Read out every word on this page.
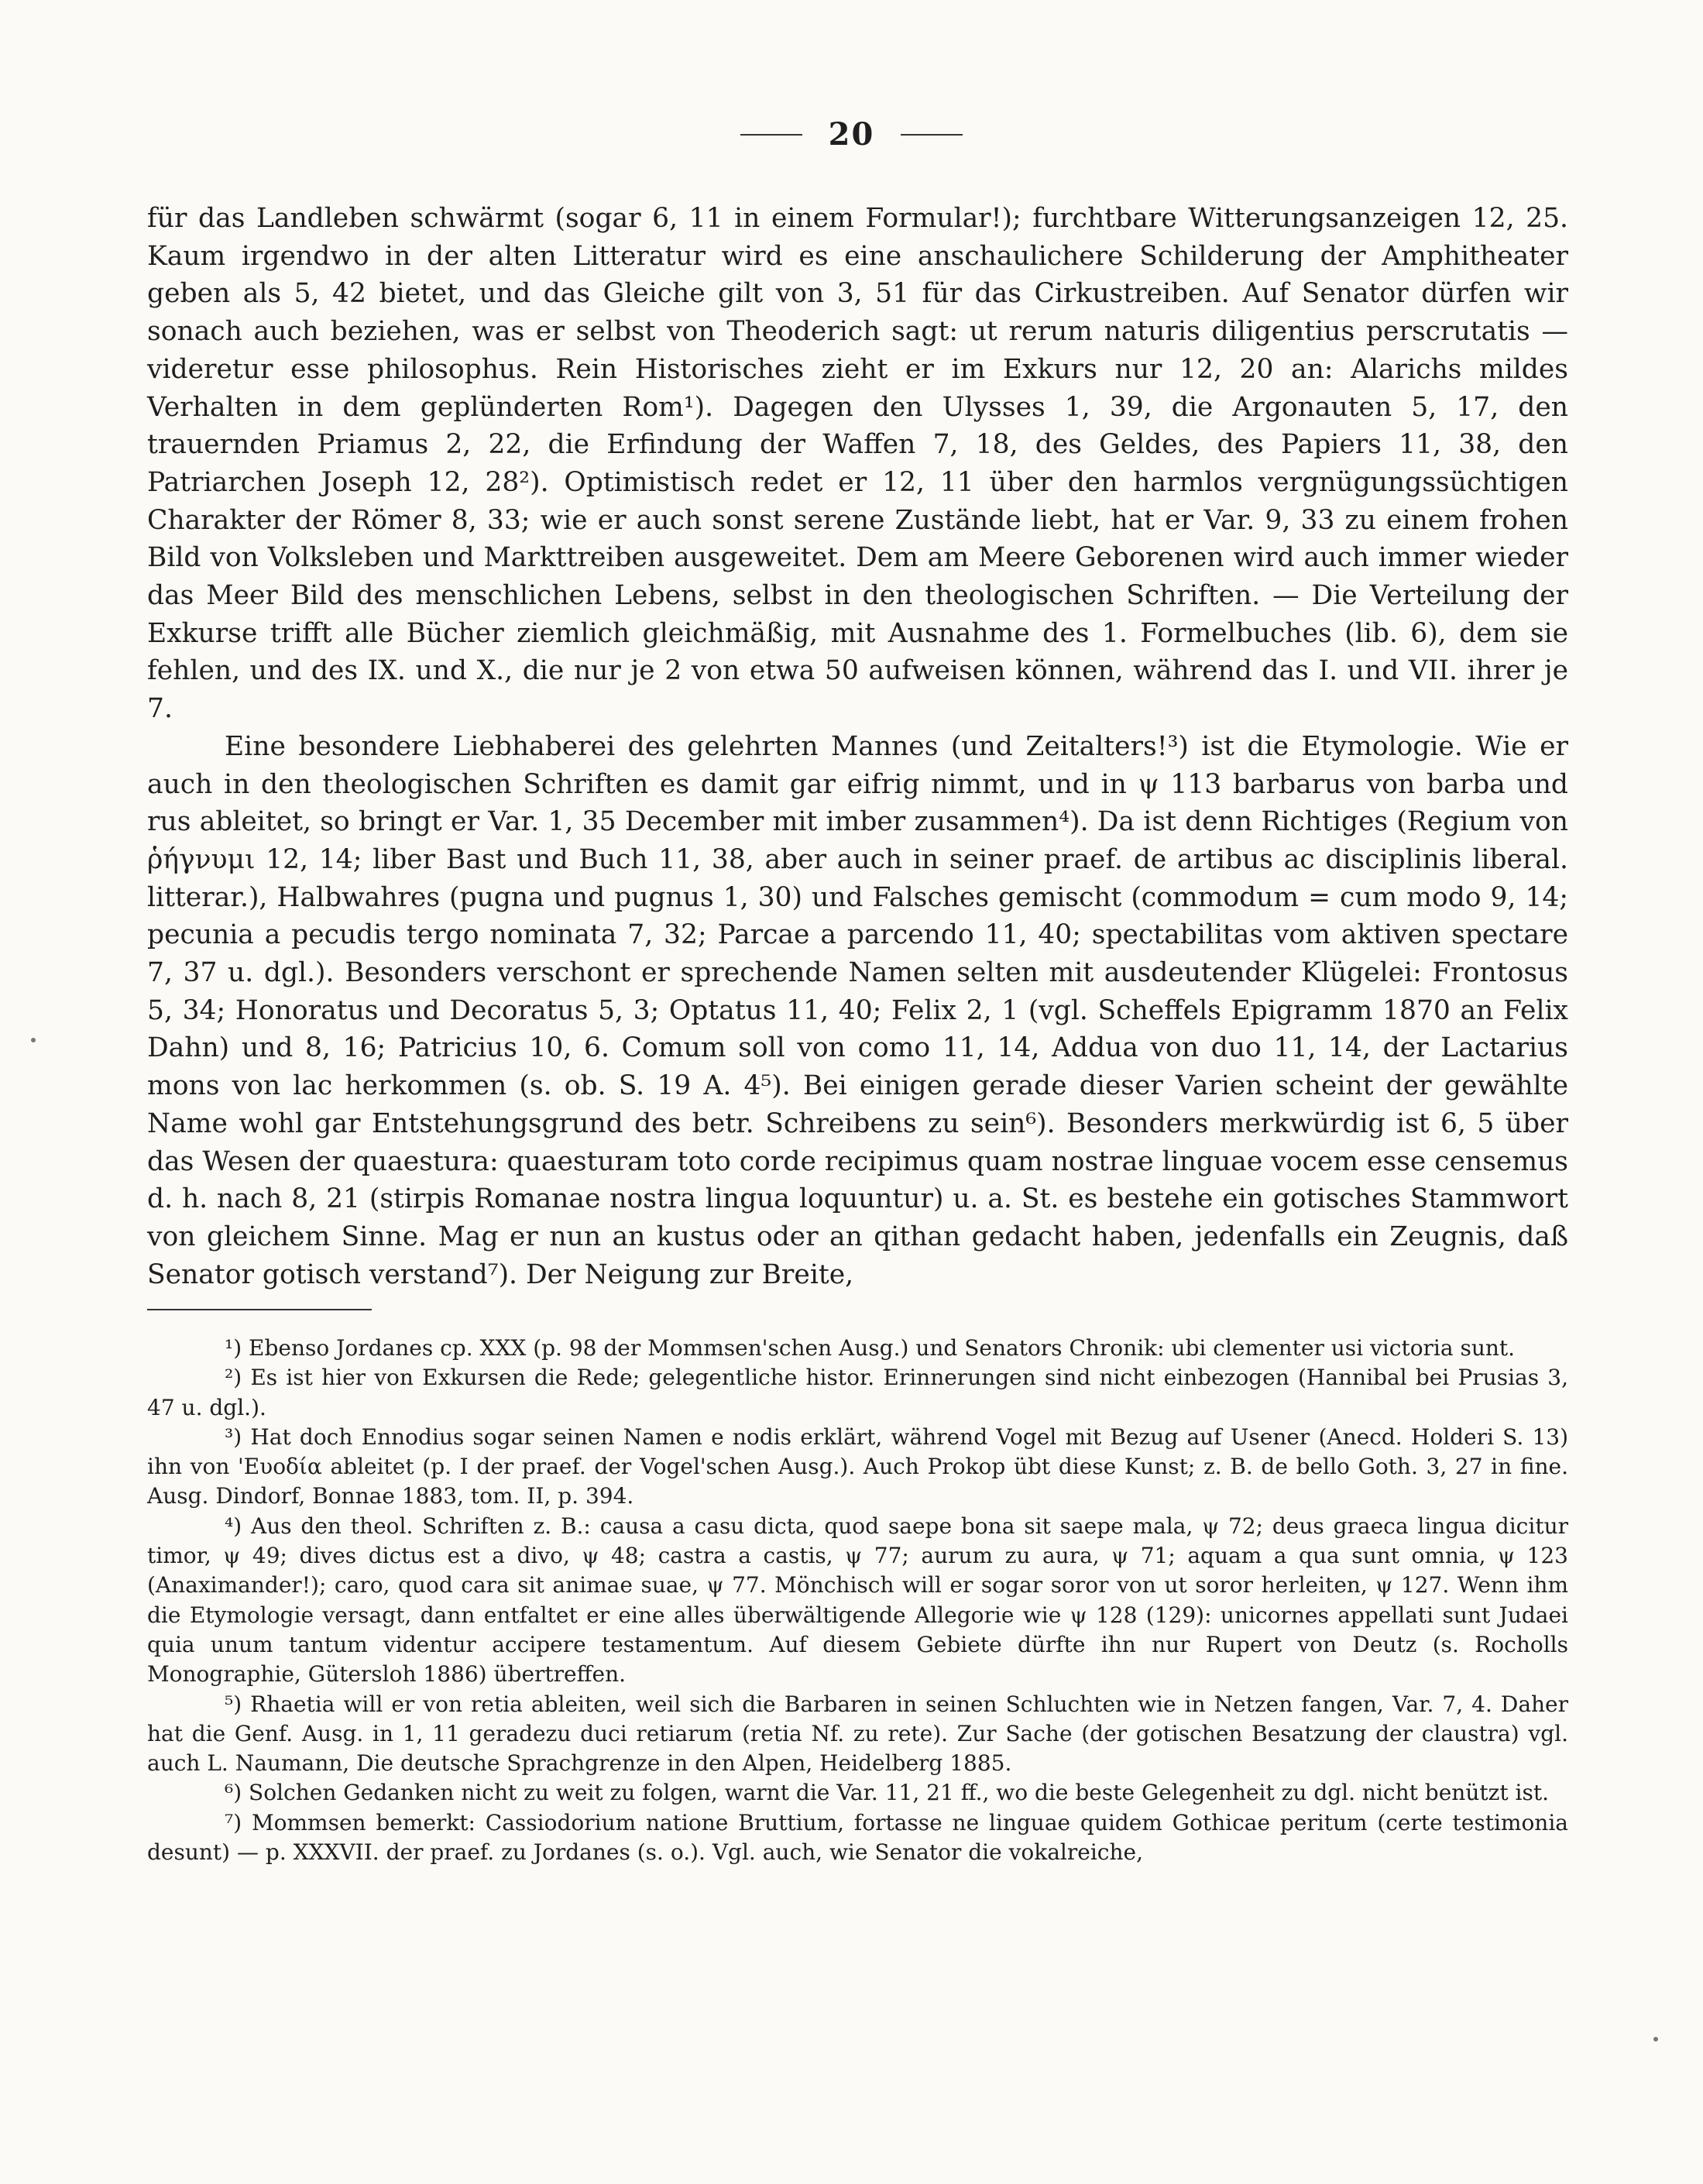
20

für das Landleben schwärmt (sogar 6, 11 in einem Formular!); furchtbare Witterungsanzeigen 12, 25. Kaum irgendwo in der alten Litteratur wird es eine anschaulichere Schilderung der Amphitheater geben als 5, 42 bietet, und das Gleiche gilt von 3, 51 für das Cirkustreiben. Auf Senator dürfen wir sonach auch beziehen, was er selbst von Theoderich sagt: ut rerum naturis diligentius perscrutatis — videretur esse philosophus. Rein Historisches zieht er im Exkurs nur 12, 20 an: Alarichs mildes Verhalten in dem geplünderten Rom¹). Dagegen den Ulysses 1, 39, die Argonauten 5, 17, den trauernden Priamus 2, 22, die Erfindung der Waffen 7, 18, des Geldes, des Papiers 11, 38, den Patriarchen Joseph 12, 28²). Optimistisch redet er 12, 11 über den harmlos vergnügungssüchtigen Charakter der Römer 8, 33; wie er auch sonst serene Zustände liebt, hat er Var. 9, 33 zu einem frohen Bild von Volksleben und Markttreiben ausgeweitet. Dem am Meere Geborenen wird auch immer wieder das Meer Bild des menschlichen Lebens, selbst in den theologischen Schriften. — Die Verteilung der Exkurse trifft alle Bücher ziemlich gleichmäßig, mit Ausnahme des 1. Formelbuches (lib. 6), dem sie fehlen, und des IX. und X., die nur je 2 von etwa 50 aufweisen können, während das I. und VII. ihrer je 7.

Eine besondere Liebhaberei des gelehrten Mannes (und Zeitalters!³) ist die Etymologie. Wie er auch in den theologischen Schriften es damit gar eifrig nimmt, und in ψ 113 barbarus von barba und rus ableitet, so bringt er Var. 1, 35 December mit imber zusammen⁴). Da ist denn Richtiges (Regium von ῥήγνυμι 12, 14; liber Bast und Buch 11, 38, aber auch in seiner praef. de artibus ac disciplinis liberal. litterar.), Halbwahres (pugna und pugnus 1, 30) und Falsches gemischt (commodum = cum modo 9, 14; pecunia a pecudis tergo nominata 7, 32; Parcae a parcendo 11, 40; spectabilitas vom aktiven spectare 7, 37 u. dgl.). Besonders verschont er sprechende Namen selten mit ausdeutender Klügelei: Frontosus 5, 34; Honoratus und Decoratus 5, 3; Optatus 11, 40; Felix 2, 1 (vgl. Scheffels Epigramm 1870 an Felix Dahn) und 8, 16; Patricius 10, 6. Comum soll von como 11, 14, Addua von duo 11, 14, der Lactarius mons von lac herkommen (s. ob. S. 19 A. 4⁵). Bei einigen gerade dieser Varien scheint der gewählte Name wohl gar Entstehungsgrund des betr. Schreibens zu sein⁶). Besonders merkwürdig ist 6, 5 über das Wesen der quaestura: quaesturam toto corde recipimus quam nostrae linguae vocem esse censemus d. h. nach 8, 21 (stirpis Romanae nostra lingua loquuntur) u. a. St. es bestehe ein gotisches Stammwort von gleichem Sinne. Mag er nun an kustus oder an qithan gedacht haben, jedenfalls ein Zeugnis, daß Senator gotisch verstand⁷). Der Neigung zur Breite,

¹) Ebenso Jordanes cp. XXX (p. 98 der Mommsen'schen Ausg.) und Senators Chronik: ubi clementer usi victoria sunt.

²) Es ist hier von Exkursen die Rede; gelegentliche histor. Erinnerungen sind nicht einbezogen (Hannibal bei Prusias 3, 47 u. dgl.).

³) Hat doch Ennodius sogar seinen Namen e nodis erklärt, während Vogel mit Bezug auf Usener (Anecd. Holderi S. 13) ihn von 'Ευοδία ableitet (p. I der praef. der Vogel'schen Ausg.). Auch Prokop übt diese Kunst; z. B. de bello Goth. 3, 27 in fine. Ausg. Dindorf, Bonnae 1883, tom. II, p. 394.

⁴) Aus den theol. Schriften z. B.: causa a casu dicta, quod saepe bona sit saepe mala, ψ 72; deus graeca lingua dicitur timor, ψ 49; dives dictus est a divo, ψ 48; castra a castis, ψ 77; aurum zu aura, ψ 71; aquam a qua sunt omnia, ψ 123 (Anaximander!); caro, quod cara sit animae suae, ψ 77. Mönchisch will er sogar soror von ut soror herleiten, ψ 127. Wenn ihm die Etymologie versagt, dann entfaltet er eine alles überwältigende Allegorie wie ψ 128 (129): unicornes appellati sunt Judaei quia unum tantum videntur accipere testamentum. Auf diesem Gebiete dürfte ihn nur Rupert von Deutz (s. Rocholls Monographie, Gütersloh 1886) übertreffen.

⁵) Rhaetia will er von retia ableiten, weil sich die Barbaren in seinen Schluchten wie in Netzen fangen, Var. 7, 4. Daher hat die Genf. Ausg. in 1, 11 geradezu duci retiarum (retia Nf. zu rete). Zur Sache (der gotischen Besatzung der claustra) vgl. auch L. Naumann, Die deutsche Sprachgrenze in den Alpen, Heidelberg 1885.

⁶) Solchen Gedanken nicht zu weit zu folgen, warnt die Var. 11, 21 ff., wo die beste Gelegenheit zu dgl. nicht benützt ist.

⁷) Mommsen bemerkt: Cassiodorium natione Bruttium, fortasse ne linguae quidem Gothicae peritum (certe testimonia desunt) — p. XXXVII. der praef. zu Jordanes (s. o.). Vgl. auch, wie Senator die vokalreiche,
